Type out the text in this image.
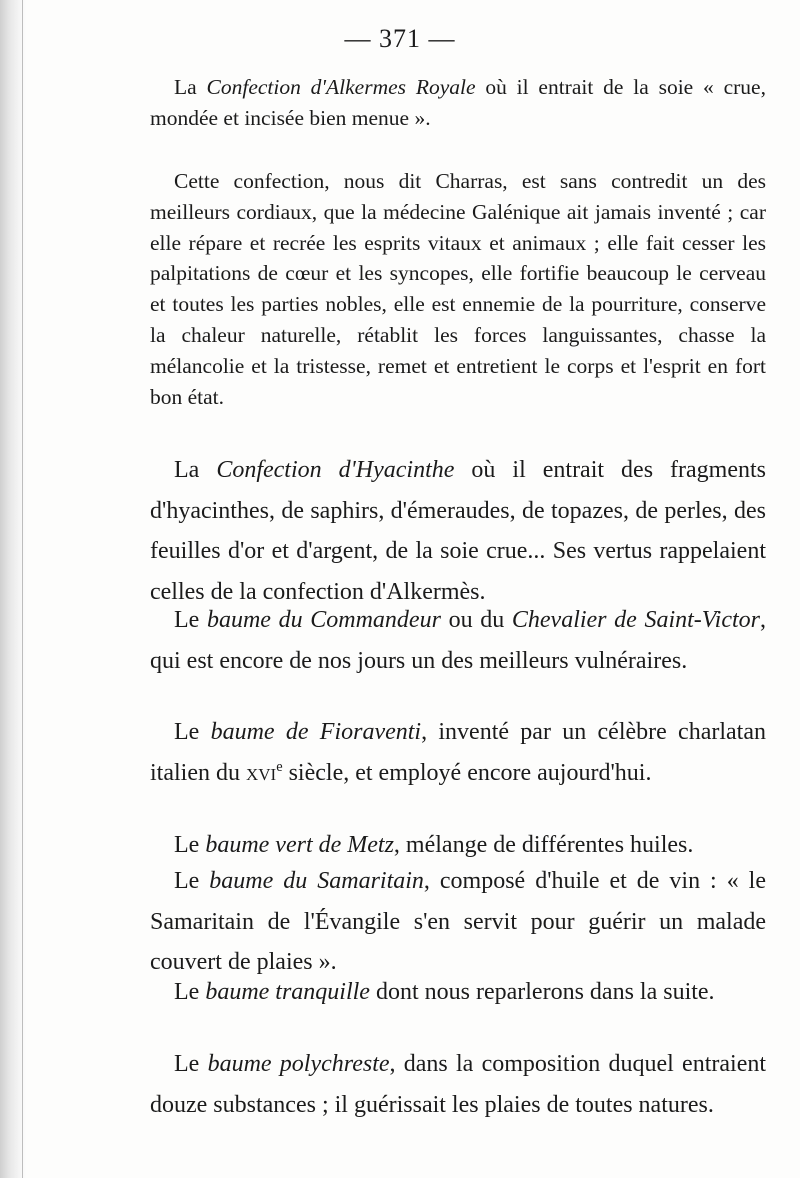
— 371 —

La Confection d'Alkermes Royale où il entrait de la soie « crue, mondée et incisée bien menue ».

Cette confection, nous dit Charras, est sans contredit un des meilleurs cordiaux, que la médecine Galénique ait jamais inventé ; car elle répare et recrée les esprits vitaux et animaux ; elle fait cesser les palpitations de cœur et les syncopes, elle fortifie beaucoup le cerveau et toutes les parties nobles, elle est ennemie de la pourriture, conserve la chaleur naturelle, rétablit les forces languissantes, chasse la mélancolie et la tristesse, remet et entretient le corps et l'esprit en fort bon état.

La Confection d'Hyacinthe où il entrait des fragments d'hyacinthes, de saphirs, d'émeraudes, de topazes, de perles, des feuilles d'or et d'argent, de la soie crue... Ses vertus rappelaient celles de la confection d'Alkermès.

Le baume du Commandeur ou du Chevalier de Saint-Victor, qui est encore de nos jours un des meilleurs vulnéraires.

Le baume de Fioraventi, inventé par un célèbre charlatan italien du xvi$^e$ siècle, et employé encore aujourd'hui.

Le baume vert de Metz, mélange de différentes huiles.

Le baume du Samaritain, composé d'huile et de vin : « le Samaritain de l'Évangile s'en servit pour guérir un malade couvert de plaies ».

Le baume tranquille dont nous reparlerons dans la suite.

Le baume polychreste, dans la composition duquel entraient douze substances ; il guérissait les plaies de toutes natures.
